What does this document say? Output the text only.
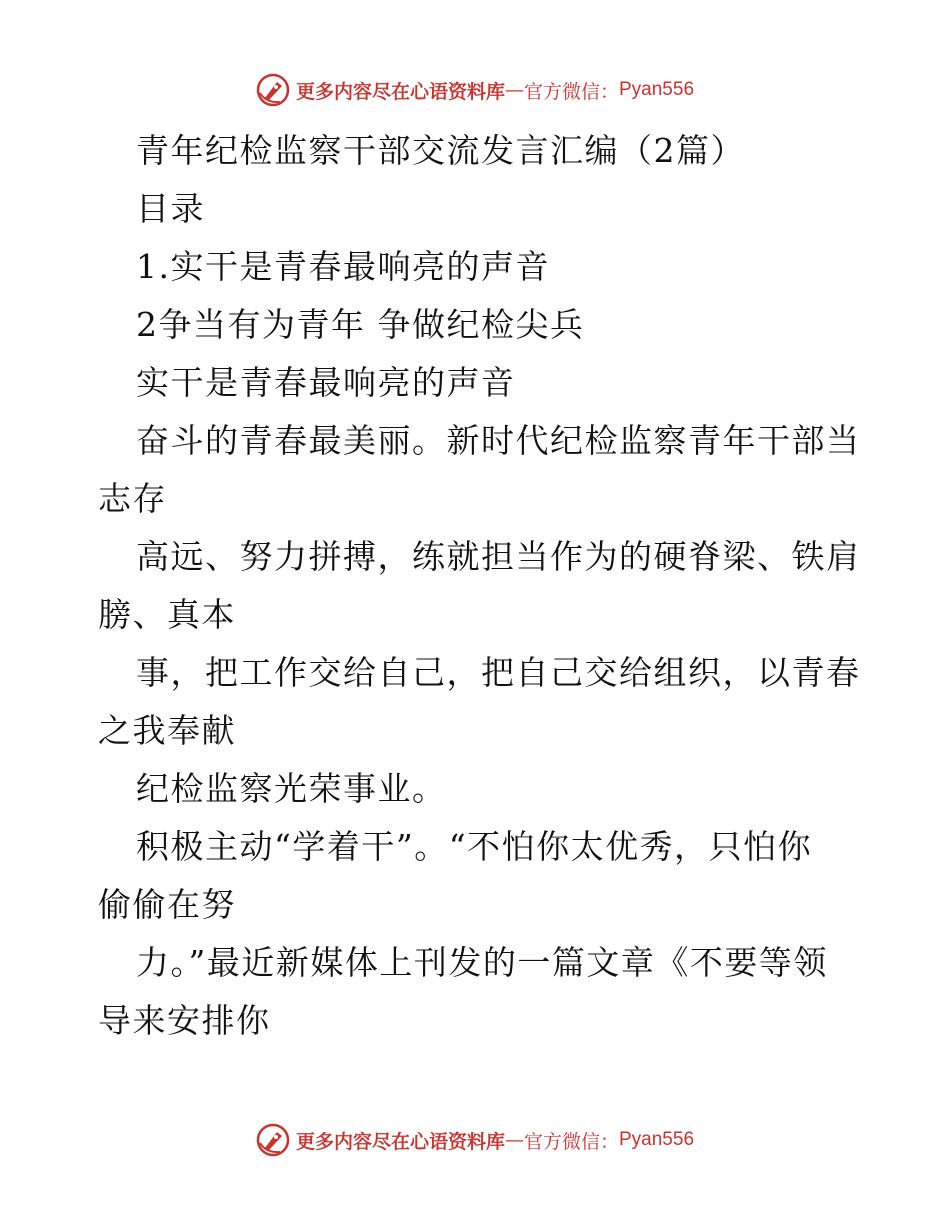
更多内容尽在心语资料库 — 官方微信： Pyan556
青年纪检监察干部交流发言汇编（2篇）
目录
1.实干是青春最响亮的声音
2争当有为青年 争做纪检尖兵
实干是青春最响亮的声音
奋斗的青春最美丽。新时代纪检监察青年干部当
志存
高远、努力拼搏，练就担当作为的硬脊梁、铁肩
膀、真本
事，把工作交给自己，把自己交给组织，以青春
之我奉献
纪检监察光荣事业。
积极主动“学着干”。“不怕你太优秀，只怕你
偷偷在努
力。”最近新媒体上刊发的一篇文章《不要等领
导来安排你
更多内容尽在心语资料库 — 官方微信： Pyan556
